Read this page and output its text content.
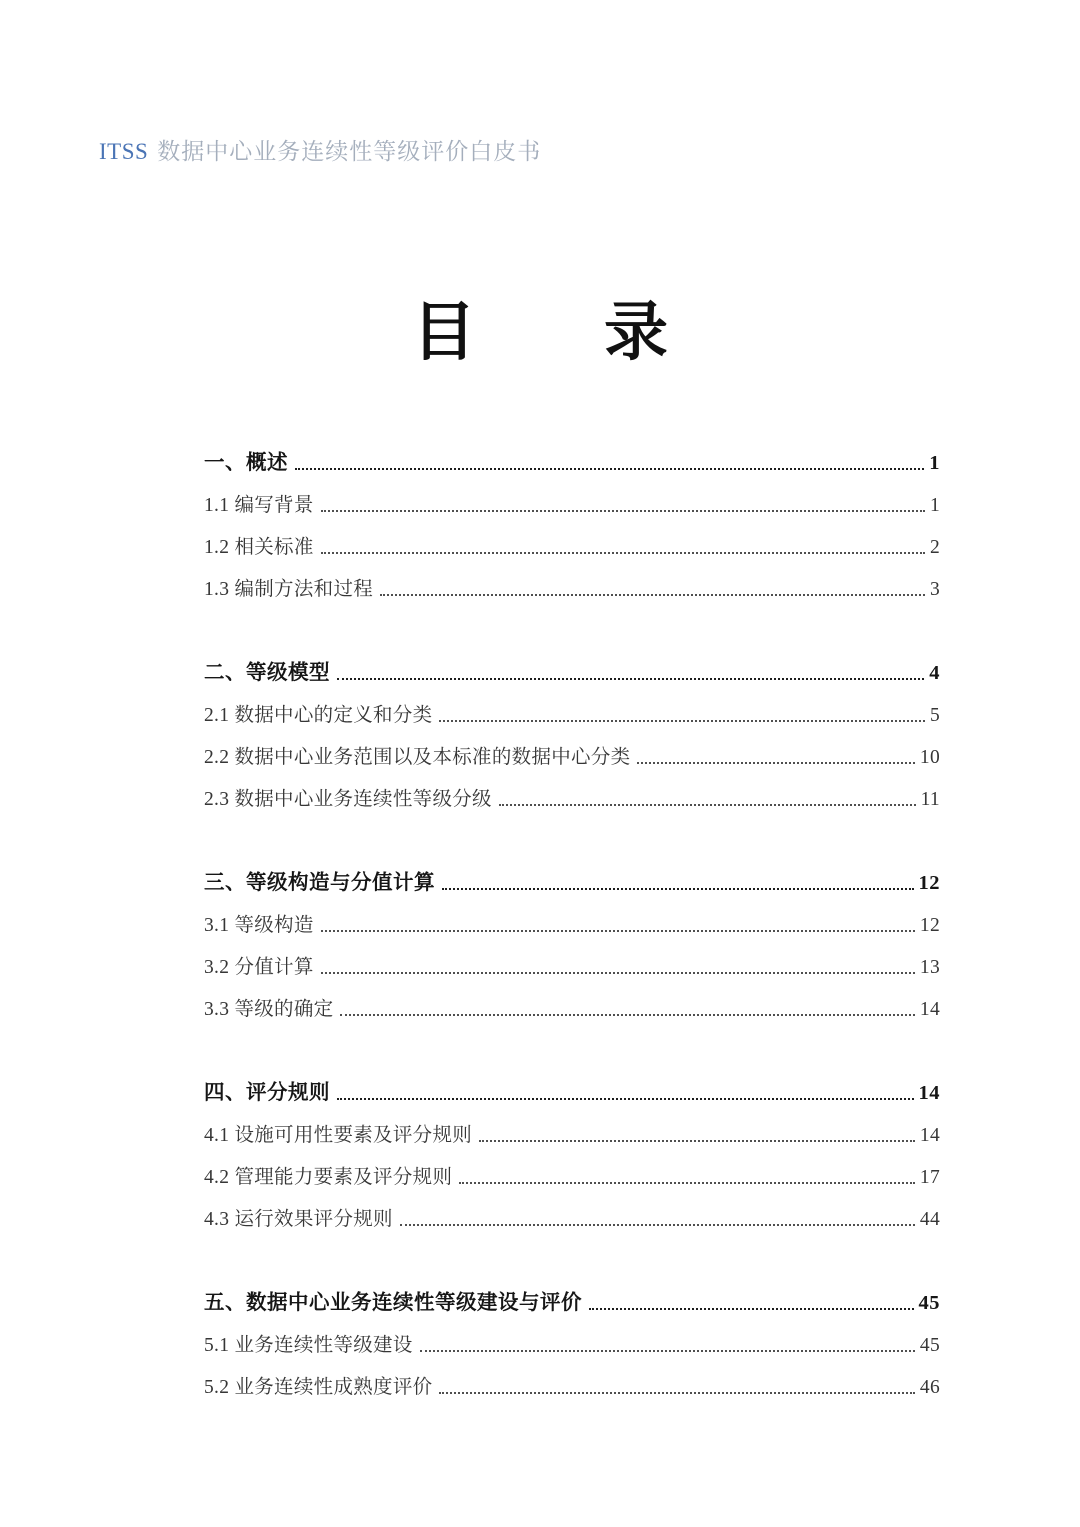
ITSS 数据中心业务连续性等级评价白皮书
目　　录
一、概述	1
1.1 编写背景	1
1.2 相关标准	2
1.3 编制方法和过程	3
二、等级模型	4
2.1 数据中心的定义和分类	5
2.2 数据中心业务范围以及本标准的数据中心分类	10
2.3 数据中心业务连续性等级分级	11
三、等级构造与分值计算	12
3.1 等级构造	12
3.2 分值计算	13
3.3 等级的确定	14
四、评分规则	14
4.1 设施可用性要素及评分规则	14
4.2 管理能力要素及评分规则	17
4.3 运行效果评分规则	44
五、数据中心业务连续性等级建设与评价	45
5.1 业务连续性等级建设	45
5.2 业务连续性成熟度评价	46
